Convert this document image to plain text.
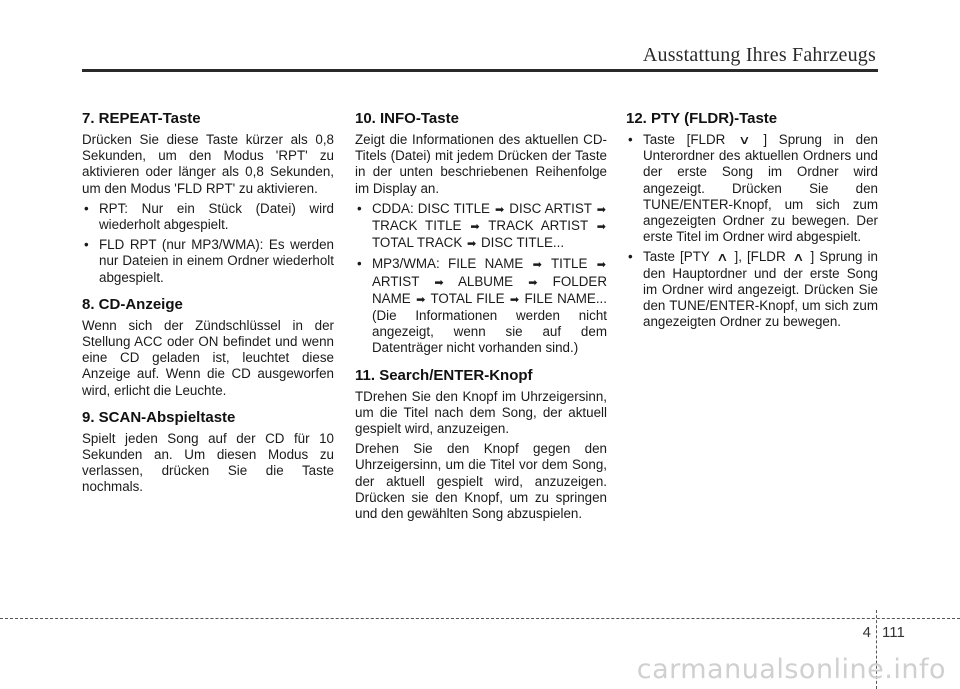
Ausstattung Ihres Fahrzeugs
7. REPEAT-Taste

Drücken Sie diese Taste kürzer als 0,8 Sekunden, um den Modus 'RPT' zu aktivieren oder länger als 0,8 Sekunden, um den Modus 'FLD RPT' zu aktivieren.

• RPT: Nur ein Stück (Datei) wird wiederholt abgespielt.
• FLD RPT (nur MP3/WMA): Es werden nur Dateien in einem Ordner wiederholt abgespielt.
8. CD-Anzeige

Wenn sich der Zündschlüssel in der Stellung ACC oder ON befindet und wenn eine CD geladen ist, leuchtet diese Anzeige auf. Wenn die CD ausgeworfen wird, erlicht die Leuchte.

9. SCAN-Abspieltaste

Spielt jeden Song auf der CD für 10 Sekunden an. Um diesen Modus zu verlassen, drücken Sie die Taste nochmals.

10. INFO-Taste

Zeigt die Informationen des aktuellen CD-Titels (Datei) mit jedem Drücken der Taste in der unten beschriebenen Reihenfolge im Display an.

• CDDA: DISC TITLE ➡ DISC ARTIST ➡ TRACK TITLE ➡ TRACK ARTIST ➡ TOTAL TRACK ➡ DISC TITLE...
• MP3/WMA: FILE NAME ➡ TITLE ➡ ARTIST ➡ ALBUME ➡ FOLDER NAME ➡ TOTAL FILE ➡ FILE NAME... (Die Informationen werden nicht angezeigt, wenn sie auf dem Datenträger nicht vorhanden sind.)
11. Search/ENTER-Knopf

TDrehen Sie den Knopf im Uhrzeigersinn, um die Titel nach dem Song, der aktuell gespielt wird, anzuzeigen.

Drehen Sie den Knopf gegen den Uhrzeigersinn, um die Titel vor dem Song, der aktuell gespielt wird, anzuzeigen. Drücken sie den Knopf, um zu springen und den gewählten Song abzuspielen.

12. PTY (FLDR)-Taste
• Taste [FLDR ∨ ] Sprung in den Unterordner des aktuellen Ordners und der erste Song im Ordner wird angezeigt. Drücken Sie den TUNE/ENTER-Knopf, um sich zum angezeigten Ordner zu bewegen. Der erste Titel im Ordner wird abgespielt.
• Taste [PTY ∧ ], [FLDR ∧ ] Sprung in den Hauptordner und der erste Song im Ordner wird angezeigt. Drücken Sie den TUNE/ENTER-Knopf, um sich zum angezeigten Ordner zu bewegen.
4 111
carmanualsonline.info
